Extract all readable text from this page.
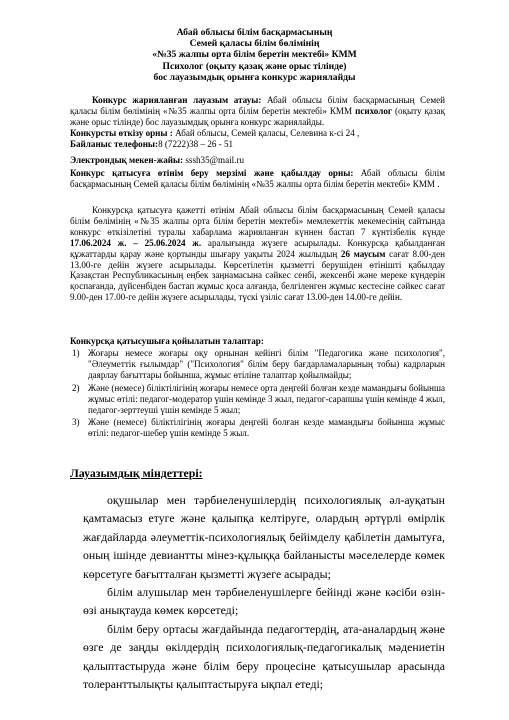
Абай облысы білім басқармасының
Семей қаласы білім бөлімінің
«№35 жалпы орта білім беретін мектебі» КММ
Психолог (оқыту қазақ және орыс тілінде)
бос лауазымдық орынға конкурс жариялайды

Конкурс жарияланған лауазым атауы: Абай облысы білім басқармасының Семей қаласы білім бөлімінің «№35 жалпы орта білім беретін мектебі» КММ психолог (оқыту қазақ және орыс тілінде) бос лауазымдық орынға конкурс жариялайды.

Конкурсты өткізу орны : Абай облысы, Семей қаласы, Селевина к-сі 24 ,

Байланыс телефоны:8 (7222)38 – 26 - 51

Электрондық мекен-жайы: sssh35@mail.ru

Конкурс қатысуға өтінім беру мерзімі және қабылдау орны: Абай облысы білім басқармасының Семей қаласы білім бөлімінің «№35 жалпы орта білім беретін мектебі» КММ .

Конкурсқа қатысуға қажетті өтінім Абай облысы білім басқармасының Семей қаласы білім бөлімінің «№35 жалпы орта білім беретін мектебі» мемлекеттік мекемесінің сайтында конкурс өткізілетіні туралы хабарлама жарияланған күннен бастап 7 күнтізбелік күнде 17.06.2024 ж. – 25.06.2024 ж. аралығында жүзеге асырылады. Конкурсқа қабылданған құжаттарды қарау және қортынды шығару уақыты 2024 жылыдың 26 маусым сағат 8.00-ден 13.00-ге дейін жүзеге асырылады. Көрсетілетін қызметті берушіден өтінішті қабылдау Қазақстан Республикасының еңбек заңнамасына сәйкес сенбі, жексенбі және мереке күндерін қоспағанда, дүйсенбіден бастап жұмыс қоса алғанда, белгіленген жұмыс кестесіне сәйкес сағат 9.00-ден 17.00-ге дейін жүзеге асырылады, түскі үзіліс сағат 13.00-ден 14.00-ге дейін.

Конкурсқа қатысушыға қойылатын талаптар:

1) Жоғары немесе жоғары оқу орнынан кейінгі білім "Педагогика және психология", "Әлеуметтік ғылымдар" ("Психология" білім беру бағдарламаларының тобы) кадрларын даярлау бағыттары бойынша, жұмыс өтіліне талаптар қойылмайды;
2) Және (немесе) біліктілігінің жоғары немесе орта деңгейі болған кезде мамандығы бойынша жұмыс өтілі: педагог-модератор үшін кемінде 3 жыл, педагог-сарапшы үшін кемінде 4 жыл, педагог-зерттеуші үшін кемінде 5 жыл;
3) Және (немесе) біліктілігінің жоғары деңгейі болған кезде мамандығы бойынша жұмыс өтілі: педагог-шебер үшін кемінде 5 жыл.
Лауазымдық міндеттері:
оқушылар мен тәрбиеленушілердің психологиялық әл-ауқатын қамтамасыз етуге және қалыпқа келтіруге, олардың әртүрлі өмірлік жағдайларда әлеуметтік-психологиялық бейімделу қабілетін дамытуға, оның ішінде девиантты мінез-құлыққа байланысты мәселелерде көмек көрсетуге бағытталған қызметті жүзеге асырады;
білім алушылар мен тәрбиеленушілерге бейінді және кәсіби өзін-өзі анықтауда көмек көрсетеді;
білім беру ортасы жағдайында педагогтердің, ата-аналардың және өзге де заңды өкілдердің психологиялық-педагогикалық мәдениетін қалыптастыруда және білім беру процесіне қатысушылар арасында толеранттылықты қалыптастыруға ықпал етеді;
